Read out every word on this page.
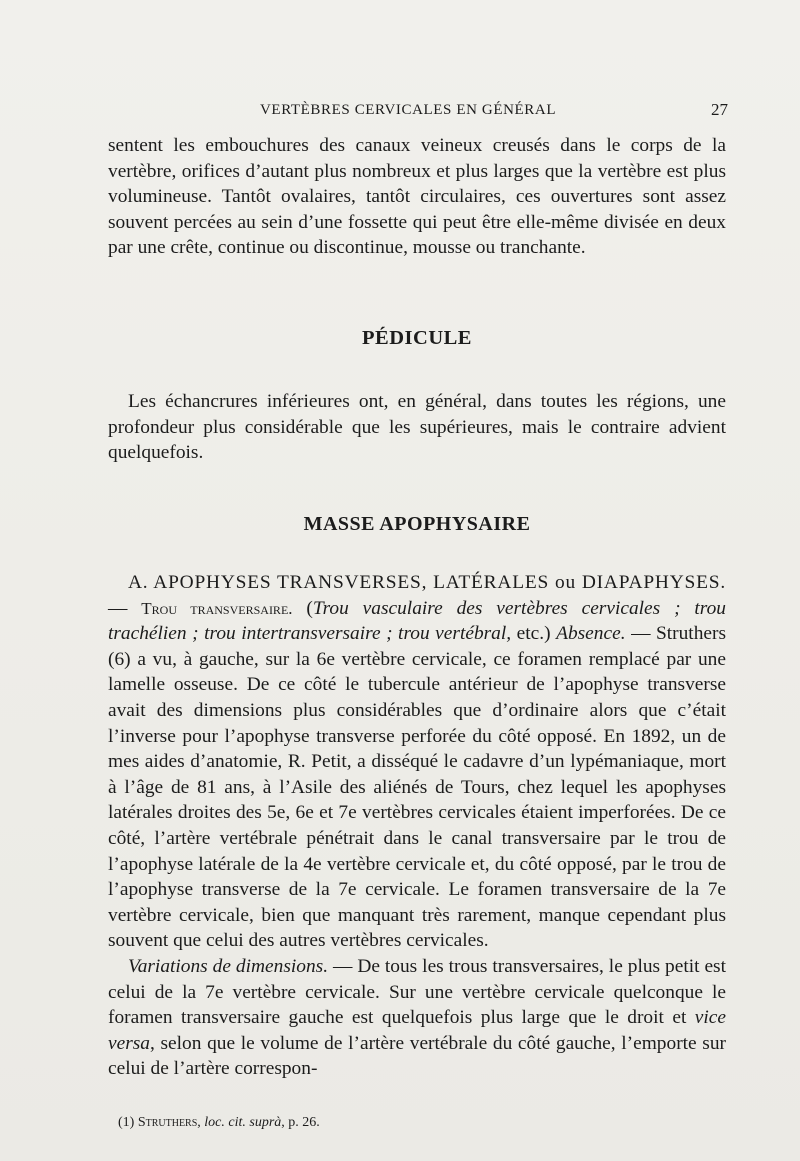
VERTÈBRES CERVICALES EN GÉNÉRAL	27

sentent les embouchures des canaux veineux creusés dans le corps de la vertèbre, orifices d’autant plus nombreux et plus larges que la vertèbre est plus volumineuse. Tantôt ovalaires, tantôt circulaires, ces ouvertures sont assez souvent percées au sein d’une fossette qui peut être elle-même divisée en deux par une crête, continue ou discontinue, mousse ou tranchante.

PÉDICULE

Les échancrures inférieures ont, en général, dans toutes les régions, une profondeur plus considérable que les supérieures, mais le contraire advient quelquefois.

MASSE APOPHYSAIRE

A. APOPHYSES TRANSVERSES, LATÉRALES ou DIAPAPHYSES. — Trou transversaire. (Trou vasculaire des vertèbres cervicales ; trou trachélien ; trou intertransversaire ; trou vertébral, etc.) Absence. — Struthers (6) a vu, à gauche, sur la 6e vertèbre cervicale, ce foramen remplacé par une lamelle osseuse. De ce côté le tubercule antérieur de l’apophyse transverse avait des dimensions plus considérables que d’ordinaire alors que c’était l’inverse pour l’apophyse transverse perforée du côté opposé. En 1892, un de mes aides d’anatomie, R. Petit, a disséqué le cadavre d’un lypémaniaque, mort à l’âge de 81 ans, à l’Asile des aliénés de Tours, chez lequel les apophyses latérales droites des 5e, 6e et 7e vertèbres cervicales étaient imperforées. De ce côté, l’artère vertébrale pénétrait dans le canal transversaire par le trou de l’apophyse latérale de la 4e vertèbre cervicale et, du côté opposé, par le trou de l’apophyse transverse de la 7e cervicale. Le foramen transversaire de la 7e vertèbre cervicale, bien que manquant très rarement, manque cependant plus souvent que celui des autres vertèbres cervicales.
Variations de dimensions. — De tous les trous transversaires, le plus petit est celui de la 7e vertèbre cervicale. Sur une vertèbre cervicale quelconque le foramen transversaire gauche est quelquefois plus large que le droit et vice versa, selon que le volume de l’artère vertébrale du côté gauche, l’emporte sur celui de l’artère correspon-

(1) Struthers, loc. cit. suprà, p. 26.
